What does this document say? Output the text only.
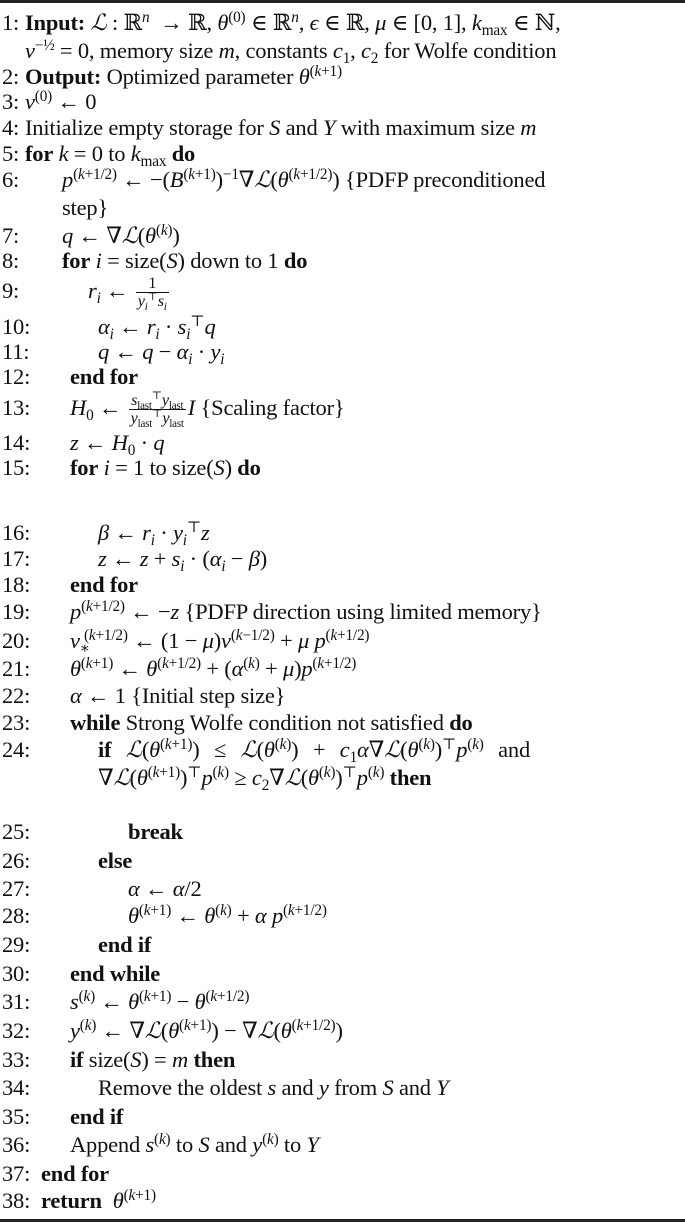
1: Input: ℒ : ℝ$^n$  → ℝ, $\theta^{(0)}$ ∈ ℝ$^n$, ϵ ∈ ℝ, μ ∈ [0, 1], $k_{max}$ ∈ ℕ,
$v^{-\frac{1}{2}} = 0$, memory size m, constants $c_1$, $c_2$ for Wolfe condition
2: Output: Optimized parameter $\theta^{(k+1)}$
3: $v^{(0)}$ ← 0
4: Initialize empty storage for S and Y with maximum size m
5: for k = 0 to $k_{max}$ do
6: $p^{(k+1/2)}$ ← $-(B^{(k+1)})^{-1}\nabla ℒ(\theta^{(k+1/2)})$ {PDFP preconditioned
step}
7: q ← $\nabla ℒ(\theta^{(k)})$
8: for i = size(S) down to 1 do
9:	$r_i$ ← $\frac{1}{y_i^⊤s_i}$
10:	$\alpha_i$ ← $r_i \cdot s_i^⊤q$
11:	q ← $q - \alpha_i \cdot y_i$
12: end for
13: $H_0$ ← $\frac{s_{last}^⊤y_{last}}{y_{last}^⊤y_{last}}$ I {Scaling factor}
14: z ← $H_0 \cdot q$
15: for i = 1 to size(S) do
16:	β ← $r_i \cdot y_i^⊤z$
17:	z ← $z + s_i \cdot (\alpha_i - \beta)$
18: end for
19: $p^{(k+1/2)}$ ← −z {PDFP direction using limited memory}
20: $v_∗^{(k+1/2)}$ ← $(1 - \mu)v^{(k-1/2)} + \mu$ $p^{(k+1/2)}$
21: $\theta^{(k+1)}$ ← $\theta^{(k+1/2)} + (\alpha^{(k)} + \mu)p^{(k+1/2)}$
22: α ← 1 {Initial step size}
23: while Strong Wolfe condition not satisfied do
24:	if $ℒ(\theta^{(k+1)})$ ≤ $ℒ(\theta^{(k)})$ + $c_1\alpha\nabla ℒ(\theta^{(k)})^⊤p^{(k)}$ and
$\nabla ℒ(\theta^{(k+1)})^⊤p^{(k)}$ ≥ $c_2\nabla ℒ(\theta^{(k)})^⊤p^{(k)}$ then
25:	break
26:	else
27:	α ← α/2
28:	$\theta^{(k+1)}$ ← $\theta^{(k)} + \alpha$ $p^{(k+1/2)}$
29:	end if
30: end while
31: $s^{(k)}$ ← $\theta^{(k+1)} - \theta^{(k+1/2)}$
32: $y^{(k)}$ ← $\nabla ℒ(\theta^{(k+1)})$ − $\nabla ℒ(\theta^{(k+1/2)})$
33: if size(S) = m then
34:	Remove the oldest s and y from S and Y
35: end if
36: Append $s^{(k)}$ to S and $y^{(k)}$ to Y
37: end for
38: return $\theta^{(k+1)}$
